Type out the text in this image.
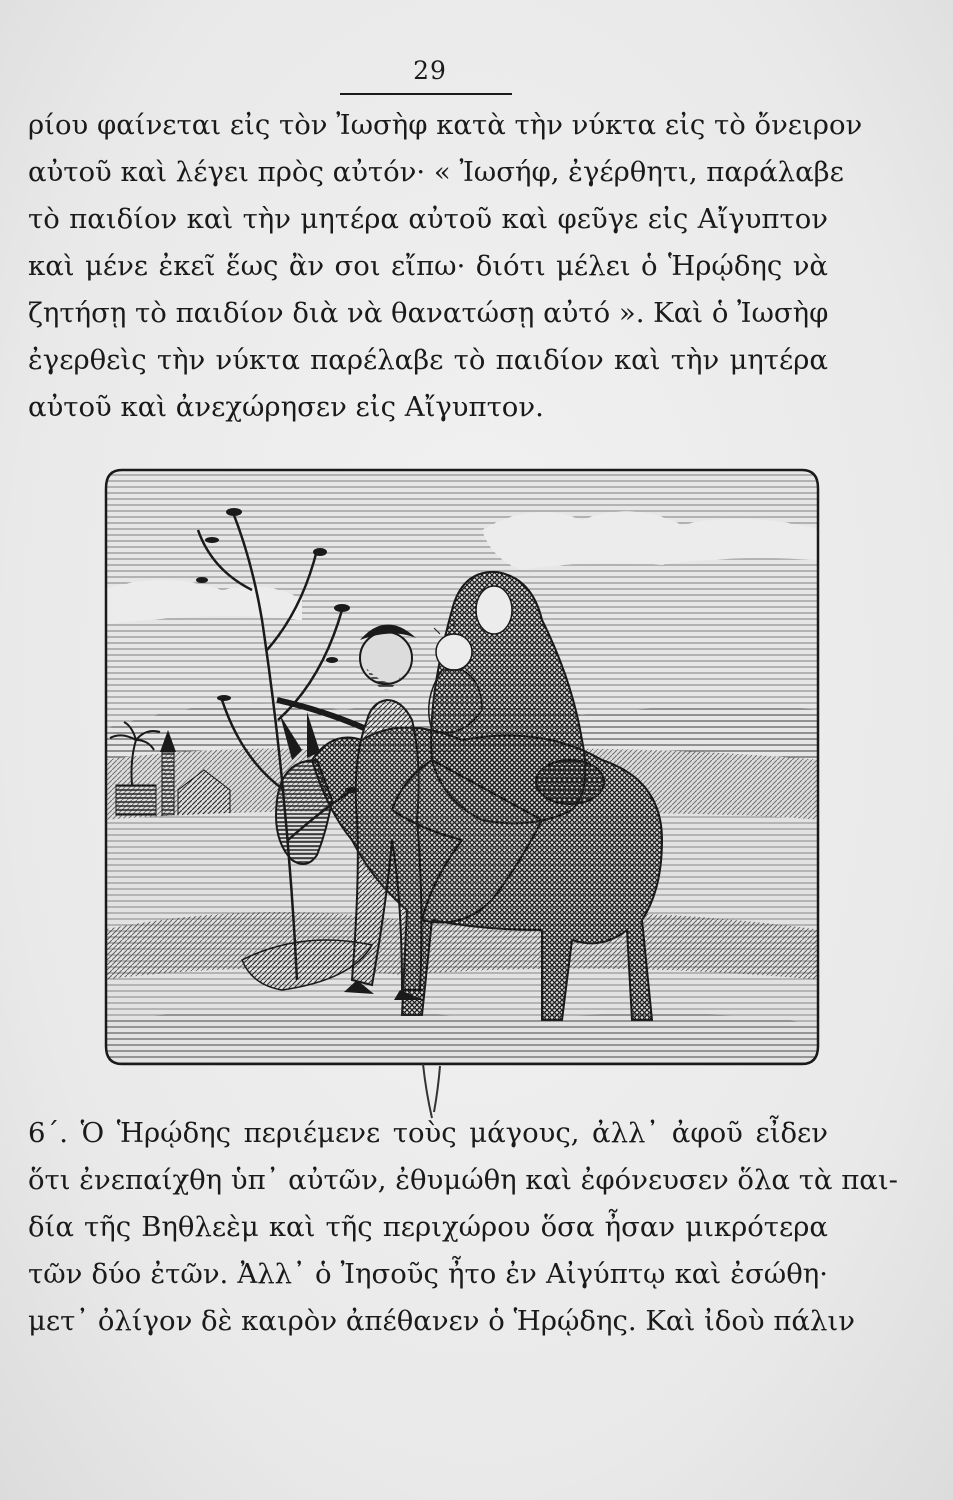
29
ρίου φαίνεται εἰς τὸν Ἰωσὴφ κατὰ τὴν νύκτα εἰς τὸ ὄνειρον
αὐτοῦ καὶ λέγει πρὸς αὐτόν· « Ἰωσήφ, ἐγέρθητι, παράλαβε
τὸ παιδίον καὶ τὴν μητέρα αὐτοῦ καὶ φεῦγε εἰς Αἴγυπτον
καὶ μένε ἐκεῖ ἕως ἂν σοι εἴπω· διότι μέλει ὁ Ἡρῴδης νὰ
ζητήσῃ τὸ παιδίον διὰ νὰ θανατώσῃ αὐτό ». Καὶ ὁ Ἰωσὴφ
ἐγερθεὶς τὴν νύκτα παρέλαβε τὸ παιδίον καὶ τὴν μητέρα
αὐτοῦ καὶ ἀνεχώρησεν εἰς Αἴγυπτον.
6΄. Ὁ Ἡρῴδης περιέμενε τοὺς μάγους, ἀλλ᾽ ἀφοῦ εἶδεν
ὅτι ἐνεπαίχθη ὑπ᾽ αὐτῶν, ἐθυμώθη καὶ ἐφόνευσεν ὅλα τὰ παι-
δία τῆς Βηθλεὲμ καὶ τῆς περιχώρου ὅσα ἦσαν μικρότερα
τῶν δύο ἐτῶν. Ἀλλ᾽ ὁ Ἰησοῦς ἦτο ἐν Αἰγύπτῳ καὶ ἐσώθη·
μετ᾽ ὀλίγον δὲ καιρὸν ἀπέθανεν ὁ Ἡρῴδης. Καὶ ἰδοὺ πάλιν
